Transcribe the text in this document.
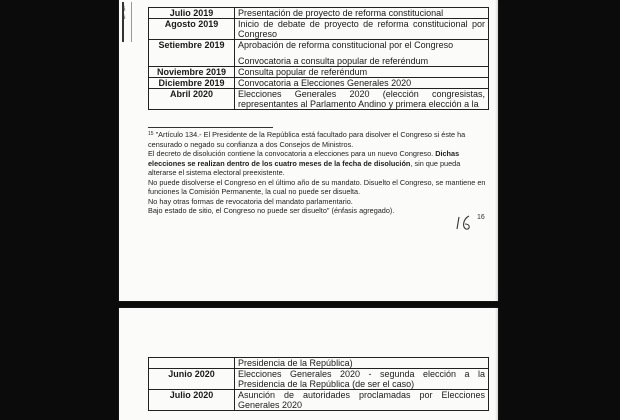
ĥ
ŭ	Julio 2019	Presentación de proyecto de reforma constitucional
Agosto 2019	Inicio de debate de proyecto de reforma constitucional por Congreso
Setiembre 2019	Aprobación de reforma constitucional por el Congreso
Convocatoria a consulta popular de referéndum
Noviembre 2019	Consulta popular de referéndum
Diciembre 2019	Convocatoria a Elecciones Generales 2020
Abril 2020	Elecciones Generales 2020 (elección congresistas, representantes al Parlamento Andino y primera elección a la

$^{15}$ "Artículo 134.- El Presidente de la República está facultado para disolver el Congreso si éste ha censurado o negado su confianza a dos Consejos de Ministros.

El decreto de disolución contiene la convocatoria a elecciones para un nuevo Congreso. Dichas elecciones se realizan dentro de los cuatro meses de la fecha de disolución, sin que pueda alterarse el sistema electoral preexistente.

No puede disolverse el Congreso en el último año de su mandato. Disuelto el Congreso, se mantiene en funciones la Comisión Permanente, la cual no puede ser disuelta.

No hay otras formas de revocatoria del mandato parlamentario.

Bajo estado de sitio, el Congreso no puede ser disuelto" (énfasis agregado).

16
	Presidencia de la República)
Junio 2020	Elecciones Generales 2020 - segunda elección a la Presidencia de la República (de ser el caso)
Julio 2020	Asunción de autoridades proclamadas por Elecciones Generales 2020
